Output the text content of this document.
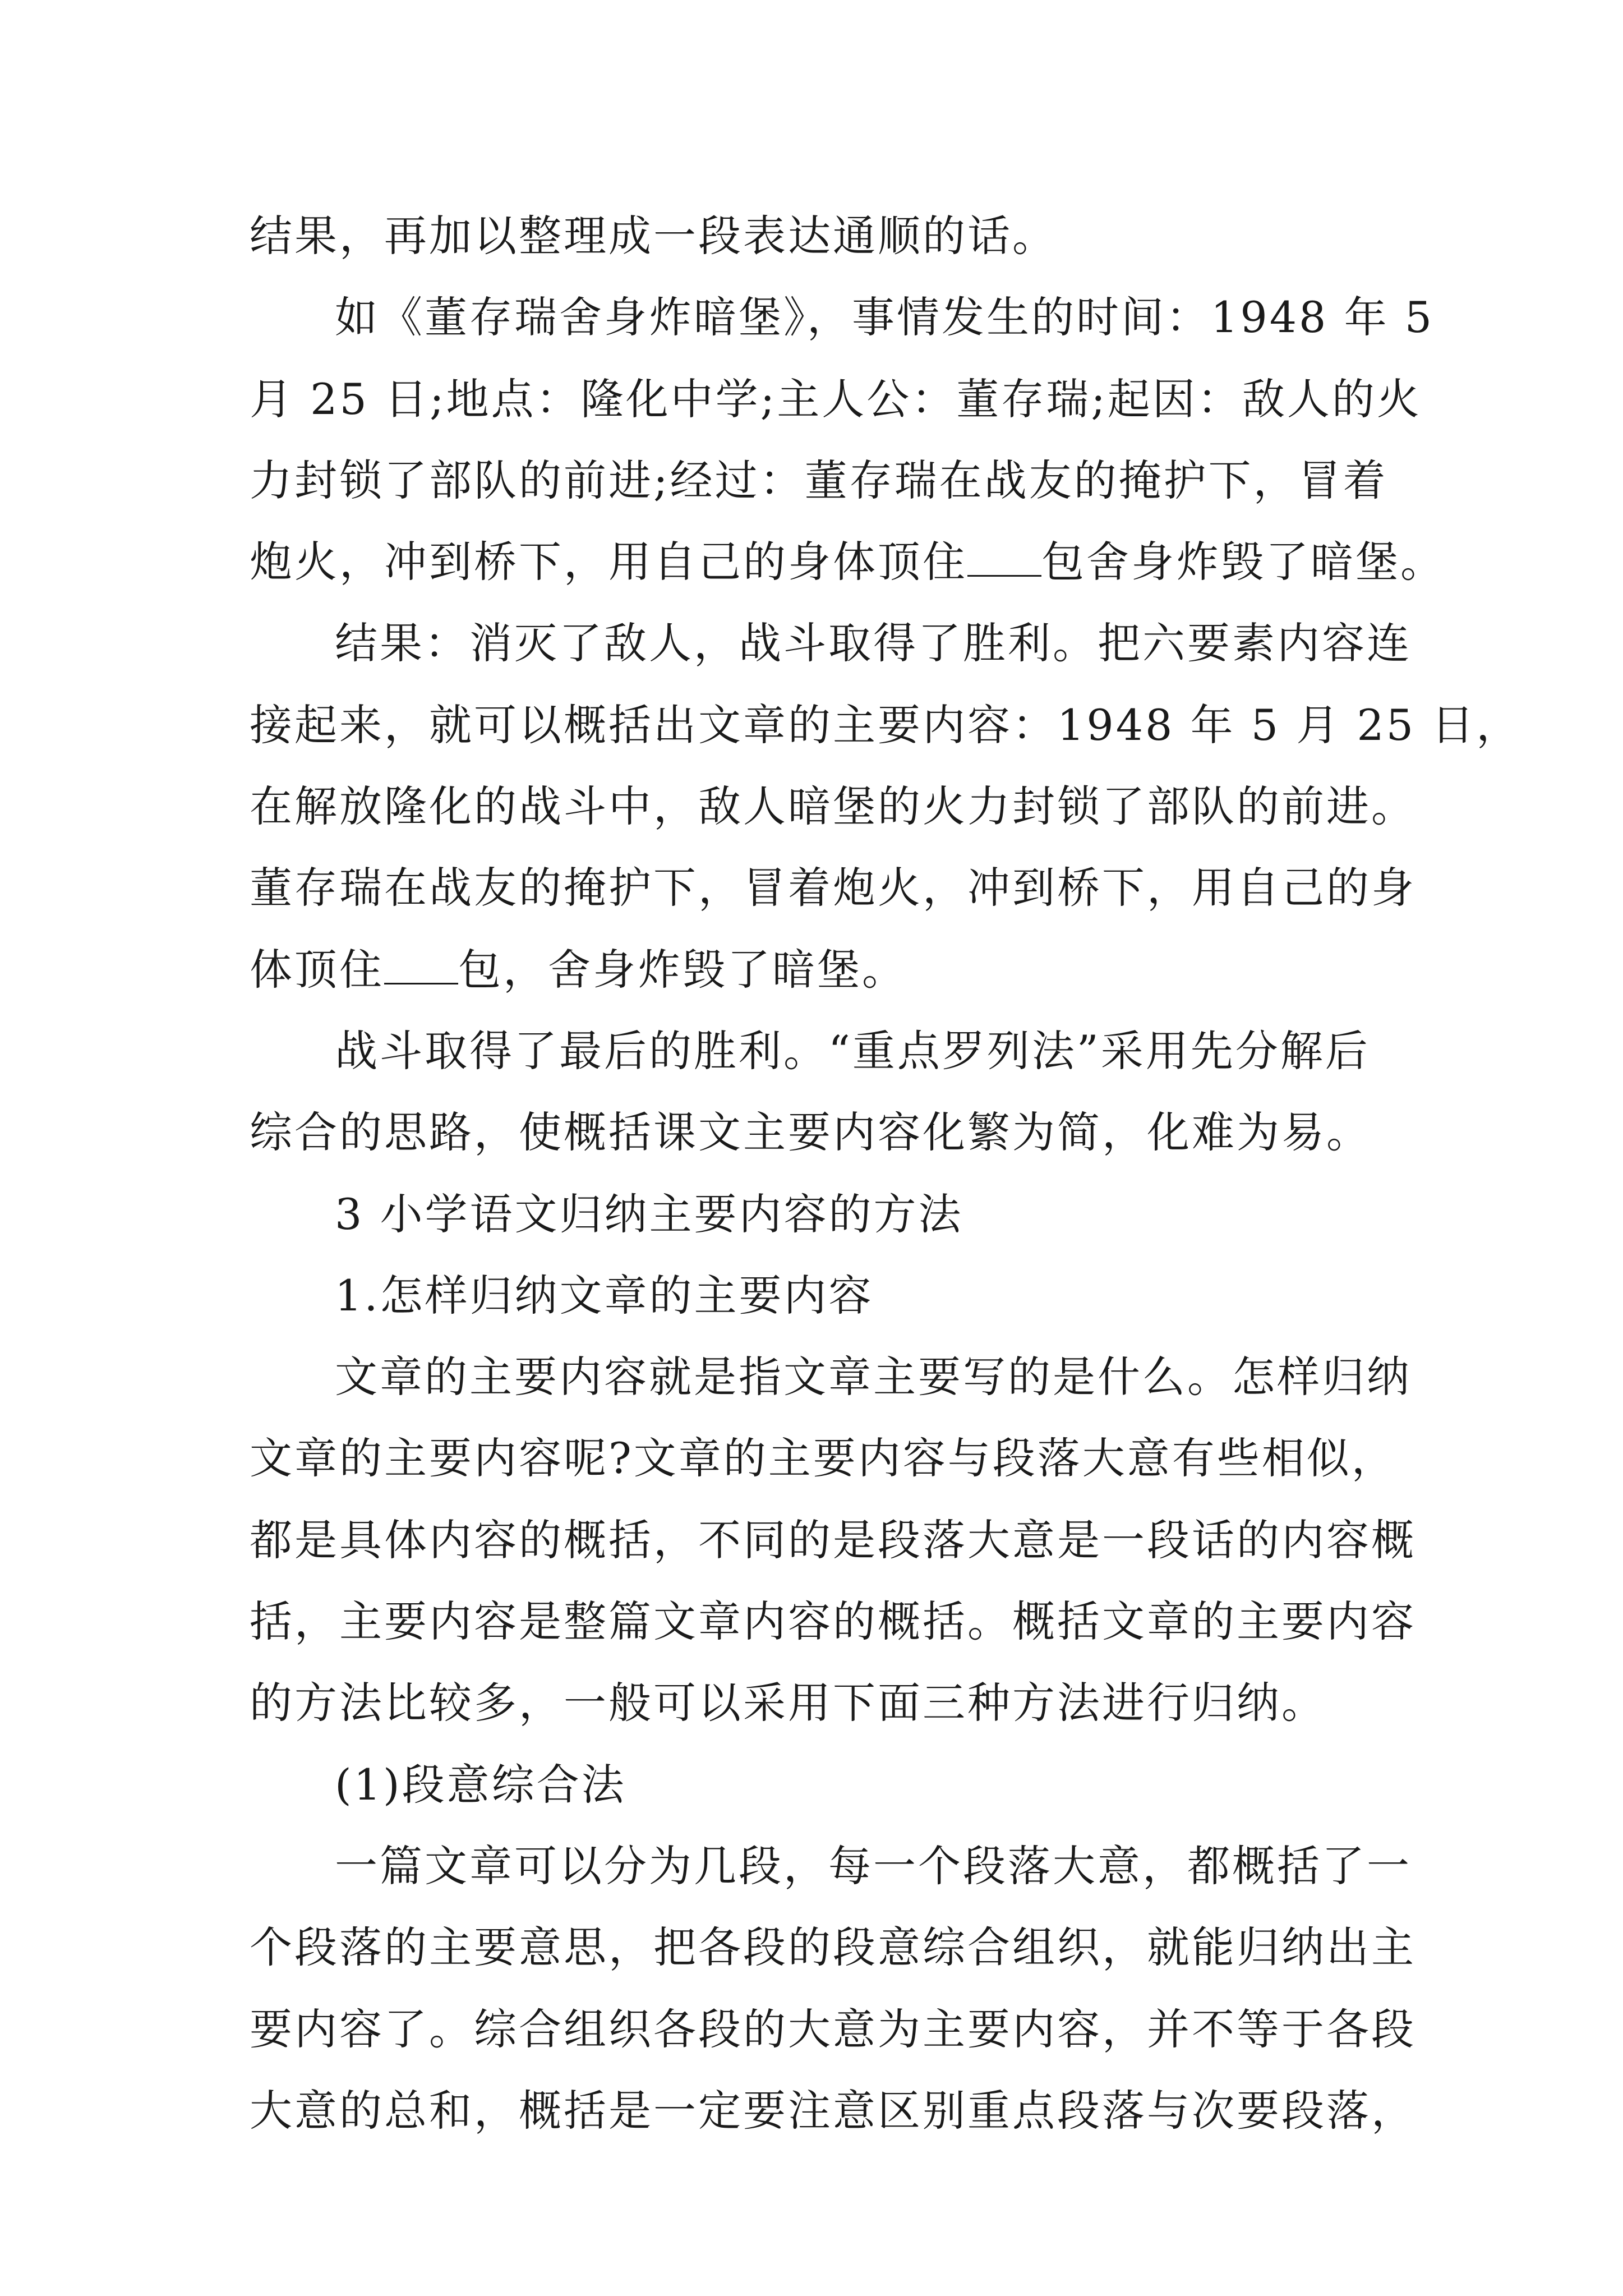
结果，再加以整理成一段表达通顺的话。
如《董存瑞舍身炸暗堡》，事情发生的时间：1948 年 5
月 25 日;地点：隆化中学;主人公：董存瑞;起因：敌人的火
力封锁了部队的前进;经过：董存瑞在战友的掩护下，冒着
炮火，冲到桥下，用自己的身体顶住 包舍身炸毁了暗堡。
结果：消灭了敌人，战斗取得了胜利。把六要素内容连
接起来，就可以概括出文章的主要内容：1948 年 5 月 25 日，
在解放隆化的战斗中，敌人暗堡的火力封锁了部队的前进。
董存瑞在战友的掩护下，冒着炮火，冲到桥下，用自己的身
体顶住 包，舍身炸毁了暗堡。
战斗取得了最后的胜利。“重点罗列法”采用先分解后
综合的思路，使概括课文主要内容化繁为简，化难为易。
3 小学语文归纳主要内容的方法
1.怎样归纳文章的主要内容
文章的主要内容就是指文章主要写的是什么。怎样归纳
文章的主要内容呢?文章的主要内容与段落大意有些相似，
都是具体内容的概括，不同的是段落大意是一段话的内容概
括，主要内容是整篇文章内容的概括。概括文章的主要内容
的方法比较多，一般可以采用下面三种方法进行归纳。
(1)段意综合法
一篇文章可以分为几段，每一个段落大意，都概括了一
个段落的主要意思，把各段的段意综合组织，就能归纳出主
要内容了。综合组织各段的大意为主要内容，并不等于各段
大意的总和，概括是一定要注意区别重点段落与次要段落，
